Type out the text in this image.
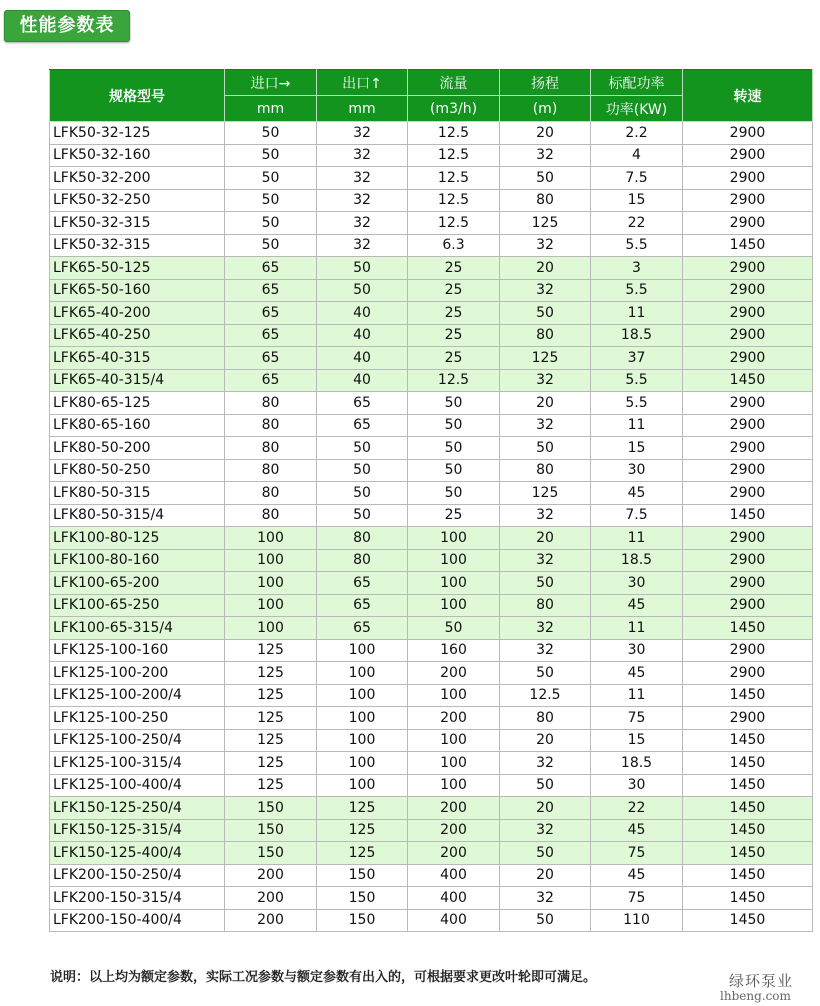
性能参数表
规格型号	进口→	出口↑	流量	扬程	标配功率	转速
	mm	mm	(m3/h)	(m)	功率(KW)	
LFK50-32-125	50	32	12.5	20	2.2	2900
LFK50-32-160	50	32	12.5	32	4	2900
LFK50-32-200	50	32	12.5	50	7.5	2900
LFK50-32-250	50	32	12.5	80	15	2900
LFK50-32-315	50	32	12.5	125	22	2900
LFK50-32-315	50	32	6.3	32	5.5	1450
LFK65-50-125	65	50	25	20	3	2900
LFK65-50-160	65	50	25	32	5.5	2900
LFK65-40-200	65	40	25	50	11	2900
LFK65-40-250	65	40	25	80	18.5	2900
LFK65-40-315	65	40	25	125	37	2900
LFK65-40-315/4	65	40	12.5	32	5.5	1450
LFK80-65-125	80	65	50	20	5.5	2900
LFK80-65-160	80	65	50	32	11	2900
LFK80-50-200	80	50	50	50	15	2900
LFK80-50-250	80	50	50	80	30	2900
LFK80-50-315	80	50	50	125	45	2900
LFK80-50-315/4	80	50	25	32	7.5	1450
LFK100-80-125	100	80	100	20	11	2900
LFK100-80-160	100	80	100	32	18.5	2900
LFK100-65-200	100	65	100	50	30	2900
LFK100-65-250	100	65	100	80	45	2900
LFK100-65-315/4	100	65	50	32	11	1450
LFK125-100-160	125	100	160	32	30	2900
LFK125-100-200	125	100	200	50	45	2900
LFK125-100-200/4	125	100	100	12.5	11	1450
LFK125-100-250	125	100	200	80	75	2900
LFK125-100-250/4	125	100	100	20	15	1450
LFK125-100-315/4	125	100	100	32	18.5	1450
LFK125-100-400/4	125	100	100	50	30	1450
LFK150-125-250/4	150	125	200	20	22	1450
LFK150-125-315/4	150	125	200	32	45	1450
LFK150-125-400/4	150	125	200	50	75	1450
LFK200-150-250/4	200	150	400	20	45	1450
LFK200-150-315/4	200	150	400	32	75	1450
LFK200-150-400/4	200	150	400	50	110	1450
说明：以上均为额定参数，实际工况参数与额定参数有出入的，可根据要求更改叶轮即可满足。	绿环泵业
lhbeng.com
